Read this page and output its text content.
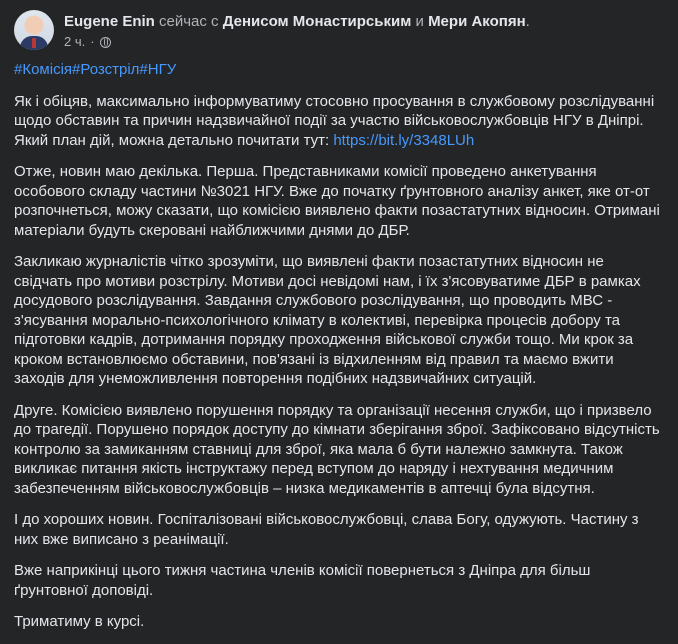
Eugene Enin сейчас с Денисом Монастирським и Мери Акопян.
2 ч. ·
#Комісія#Розстріл#НГУ

Як і обіцяв, максимально інформуватиму стосовно просування в службовому розслідуванні щодо обставин та причин надзвичайної події за участю військовослужбовців НГУ в Дніпрі. Який план дій, можна детально почитати тут: https://bit.ly/3348LUh

Отже, новин маю декілька. Перша. Представниками комісії проведено анкетування особового складу частини №3021 НГУ. Вже до початку ґрунтовного аналізу анкет, яке от-от розпочнеться, можу сказати, що комісією виявлено факти позастатутних відносин. Отримані матеріали будуть скеровані найближчими днями до ДБР.

Закликаю журналістів чітко зрозуміти, що виявлені факти позастатутних відносин не свідчать про мотиви розстрілу. Мотиви досі невідомі нам, і їх з'ясовуватиме ДБР в рамках досудового розслідування. Завдання службового розслідування, що проводить МВС - з'ясування морально-психологічного клімату в колективі, перевірка процесів добору та підготовки кадрів, дотримання порядку проходження військової служби тощо. Ми крок за кроком встановлюємо обставини, пов'язані із відхиленням від правил та маємо вжити заходів для унеможливлення повторення подібних надзвичайних ситуацій.

Друге. Комісією виявлено порушення порядку та організації несення служби, що і призвело до трагедії. Порушено порядок доступу до кімнати зберігання зброї. Зафіксовано відсутність контролю за замиканням ставниці для зброї, яка мала б бути належно замкнута. Також викликає питання якість інструктажу перед вступом до наряду і нехтування медичним забезпеченням військовослужбовців – низка медикаментів в аптечці була відсутня.

І до хороших новин. Госпіталізовані військовослужбовці, слава Богу, одужують. Частину з них вже виписано з реанімації.

Вже наприкінці цього тижня частина членів комісії повернеться з Дніпра для більш ґрунтовної доповіді.

Триматиму в курсі.
